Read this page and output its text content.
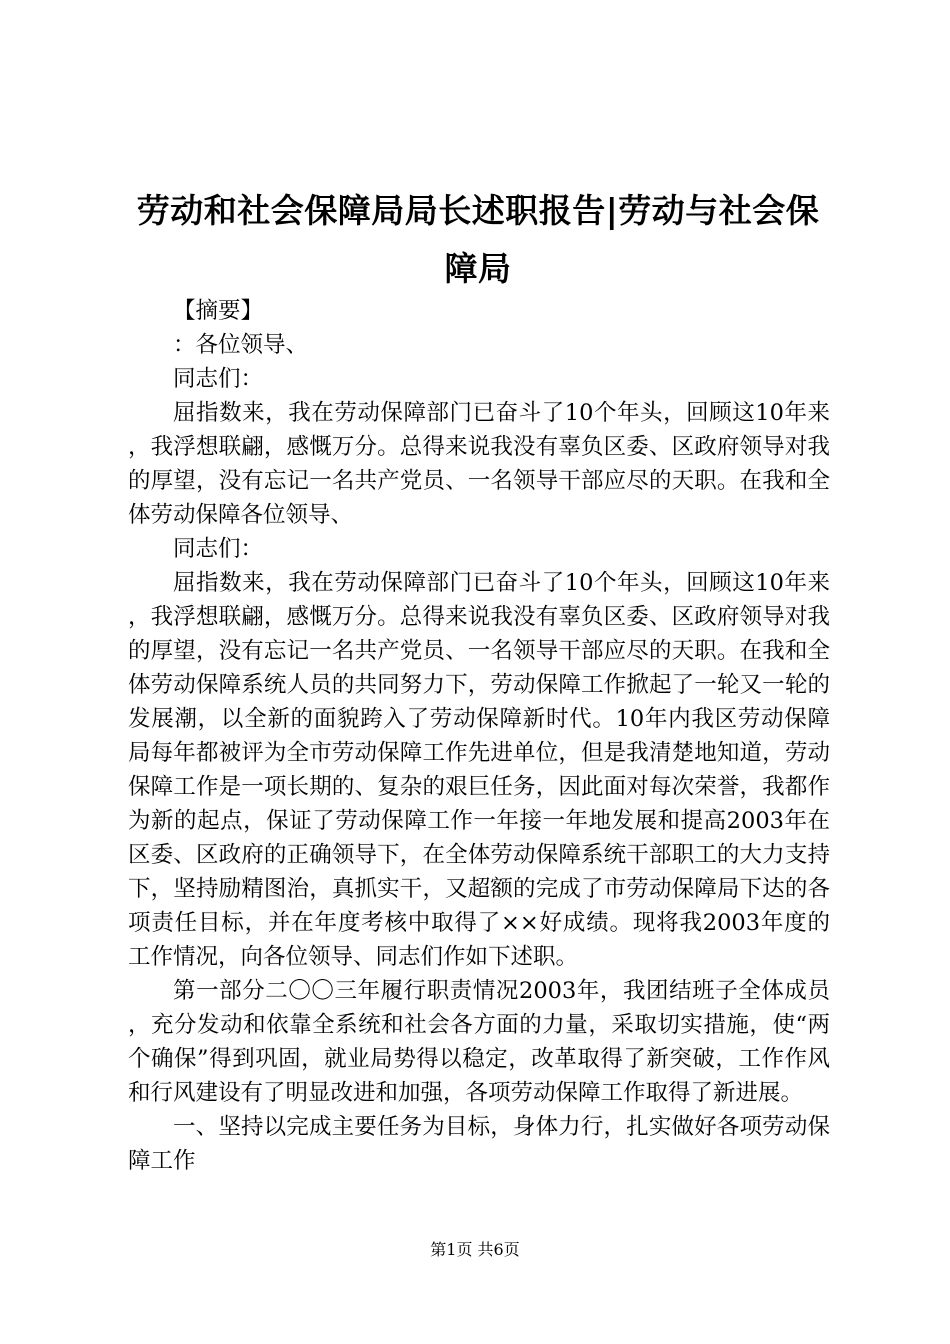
劳动和社会保障局局长述职报告|劳动与社会保障局

【摘要】

：各位领导、

同志们：

屈指数来，我在劳动保障部门已奋斗了10个年头，回顾这10年来，我浮想联翩，感慨万分。总得来说我没有辜负区委、区政府领导对我的厚望，没有忘记一名共产党员、一名领导干部应尽的天职。在我和全体劳动保障各位领导、

同志们：

屈指数来，我在劳动保障部门已奋斗了10个年头，回顾这10年来，我浮想联翩，感慨万分。总得来说我没有辜负区委、区政府领导对我的厚望，没有忘记一名共产党员、一名领导干部应尽的天职。在我和全体劳动保障系统人员的共同努力下，劳动保障工作掀起了一轮又一轮的发展潮，以全新的面貌跨入了劳动保障新时代。10年内我区劳动保障局每年都被评为全市劳动保障工作先进单位，但是我清楚地知道，劳动保障工作是一项长期的、复杂的艰巨任务，因此面对每次荣誉，我都作为新的起点，保证了劳动保障工作一年接一年地发展和提高2003年在区委、区政府的正确领导下，在全体劳动保障系统干部职工的大力支持下，坚持励精图治，真抓实干，又超额的完成了市劳动保障局下达的各项责任目标，并在年度考核中取得了××好成绩。现将我2003年度的工作情况，向各位领导、同志们作如下述职。

第一部分二〇〇三年履行职责情况2003年，我团结班子全体成员，充分发动和依靠全系统和社会各方面的力量，采取切实措施，使“两个确保”得到巩固，就业局势得以稳定，改革取得了新突破，工作作风和行风建设有了明显改进和加强，各项劳动保障工作取得了新进展。

一、坚持以完成主要任务为目标，身体力行，扎实做好各项劳动保障工作

第1页 共6页
